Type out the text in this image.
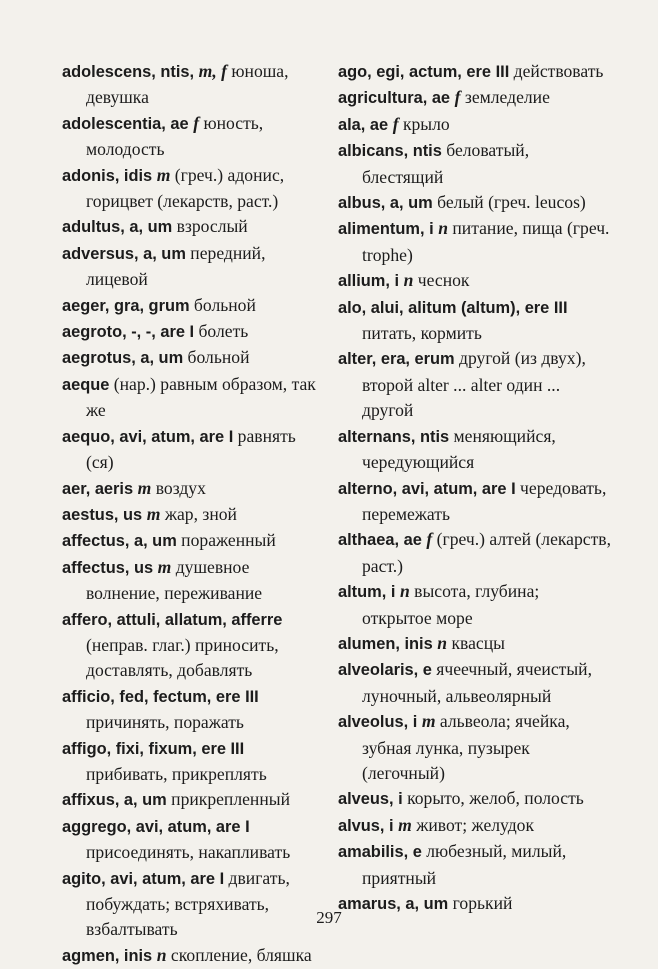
adolescens, ntis, m, f юноша, девушка

adolescentia, ae f юность, молодость

adonis, idis m (греч.) адонис, горицвет (лекарств, раст.)

adultus, a, um взрослый

adversus, a, um передний, лицевой

aeger, gra, grum больной

aegroto, -, -, are I болеть

aegrotus, a, um больной

aeque (нар.) равным образом, так же

aequo, avi, atum, are I равнять (ся)

aer, aeris m воздух

aestus, us m жар, зной

affectus, a, um пораженный

affectus, us m душевное волнение, переживание

affero, attuli, allatum, afferre (неправ. глаг.) приносить, доставлять, добавлять

afficio, fed, fectum, ere III причинять, поражать

affigo, fixi, fixum, ere III прибивать, прикреплять

affixus, a, um прикрепленный

aggrego, avi, atum, are I присоединять, накапливать

agito, avi, atum, are I двигать, побуждать; встряхивать, взбалтывать

agmen, inis n скопление, бляшка

ago, egi, actum, ere III действовать

agricultura, ae f земледелие

ala, ae f крыло

albicans, ntis беловатый, блестящий

albus, a, um белый (греч. leucos)

alimentum, i n питание, пища (греч. trophe)

allium, i n чеснок

alo, alui, alitum (altum), ere III питать, кормить

alter, era, erum другой (из двух), второй alter ... alter один ... другой

alternans, ntis меняющийся, чередующийся

alterno, avi, atum, are I чередовать, перемежать

althaea, ae f (греч.) алтей (лекарств, раст.)

altum, i n высота, глубина; открытое море

alumen, inis n квасцы

alveolaris, e ячеечный, ячеистый, луночный, альвеолярный

alveolus, i m альвеола; ячейка, зубная лунка, пузырек (легочный)

alveus, i корыто, желоб, полость

alvus, i m живот; желудок

amabilis, e любезный, милый, приятный

amarus, a, um горький

297
